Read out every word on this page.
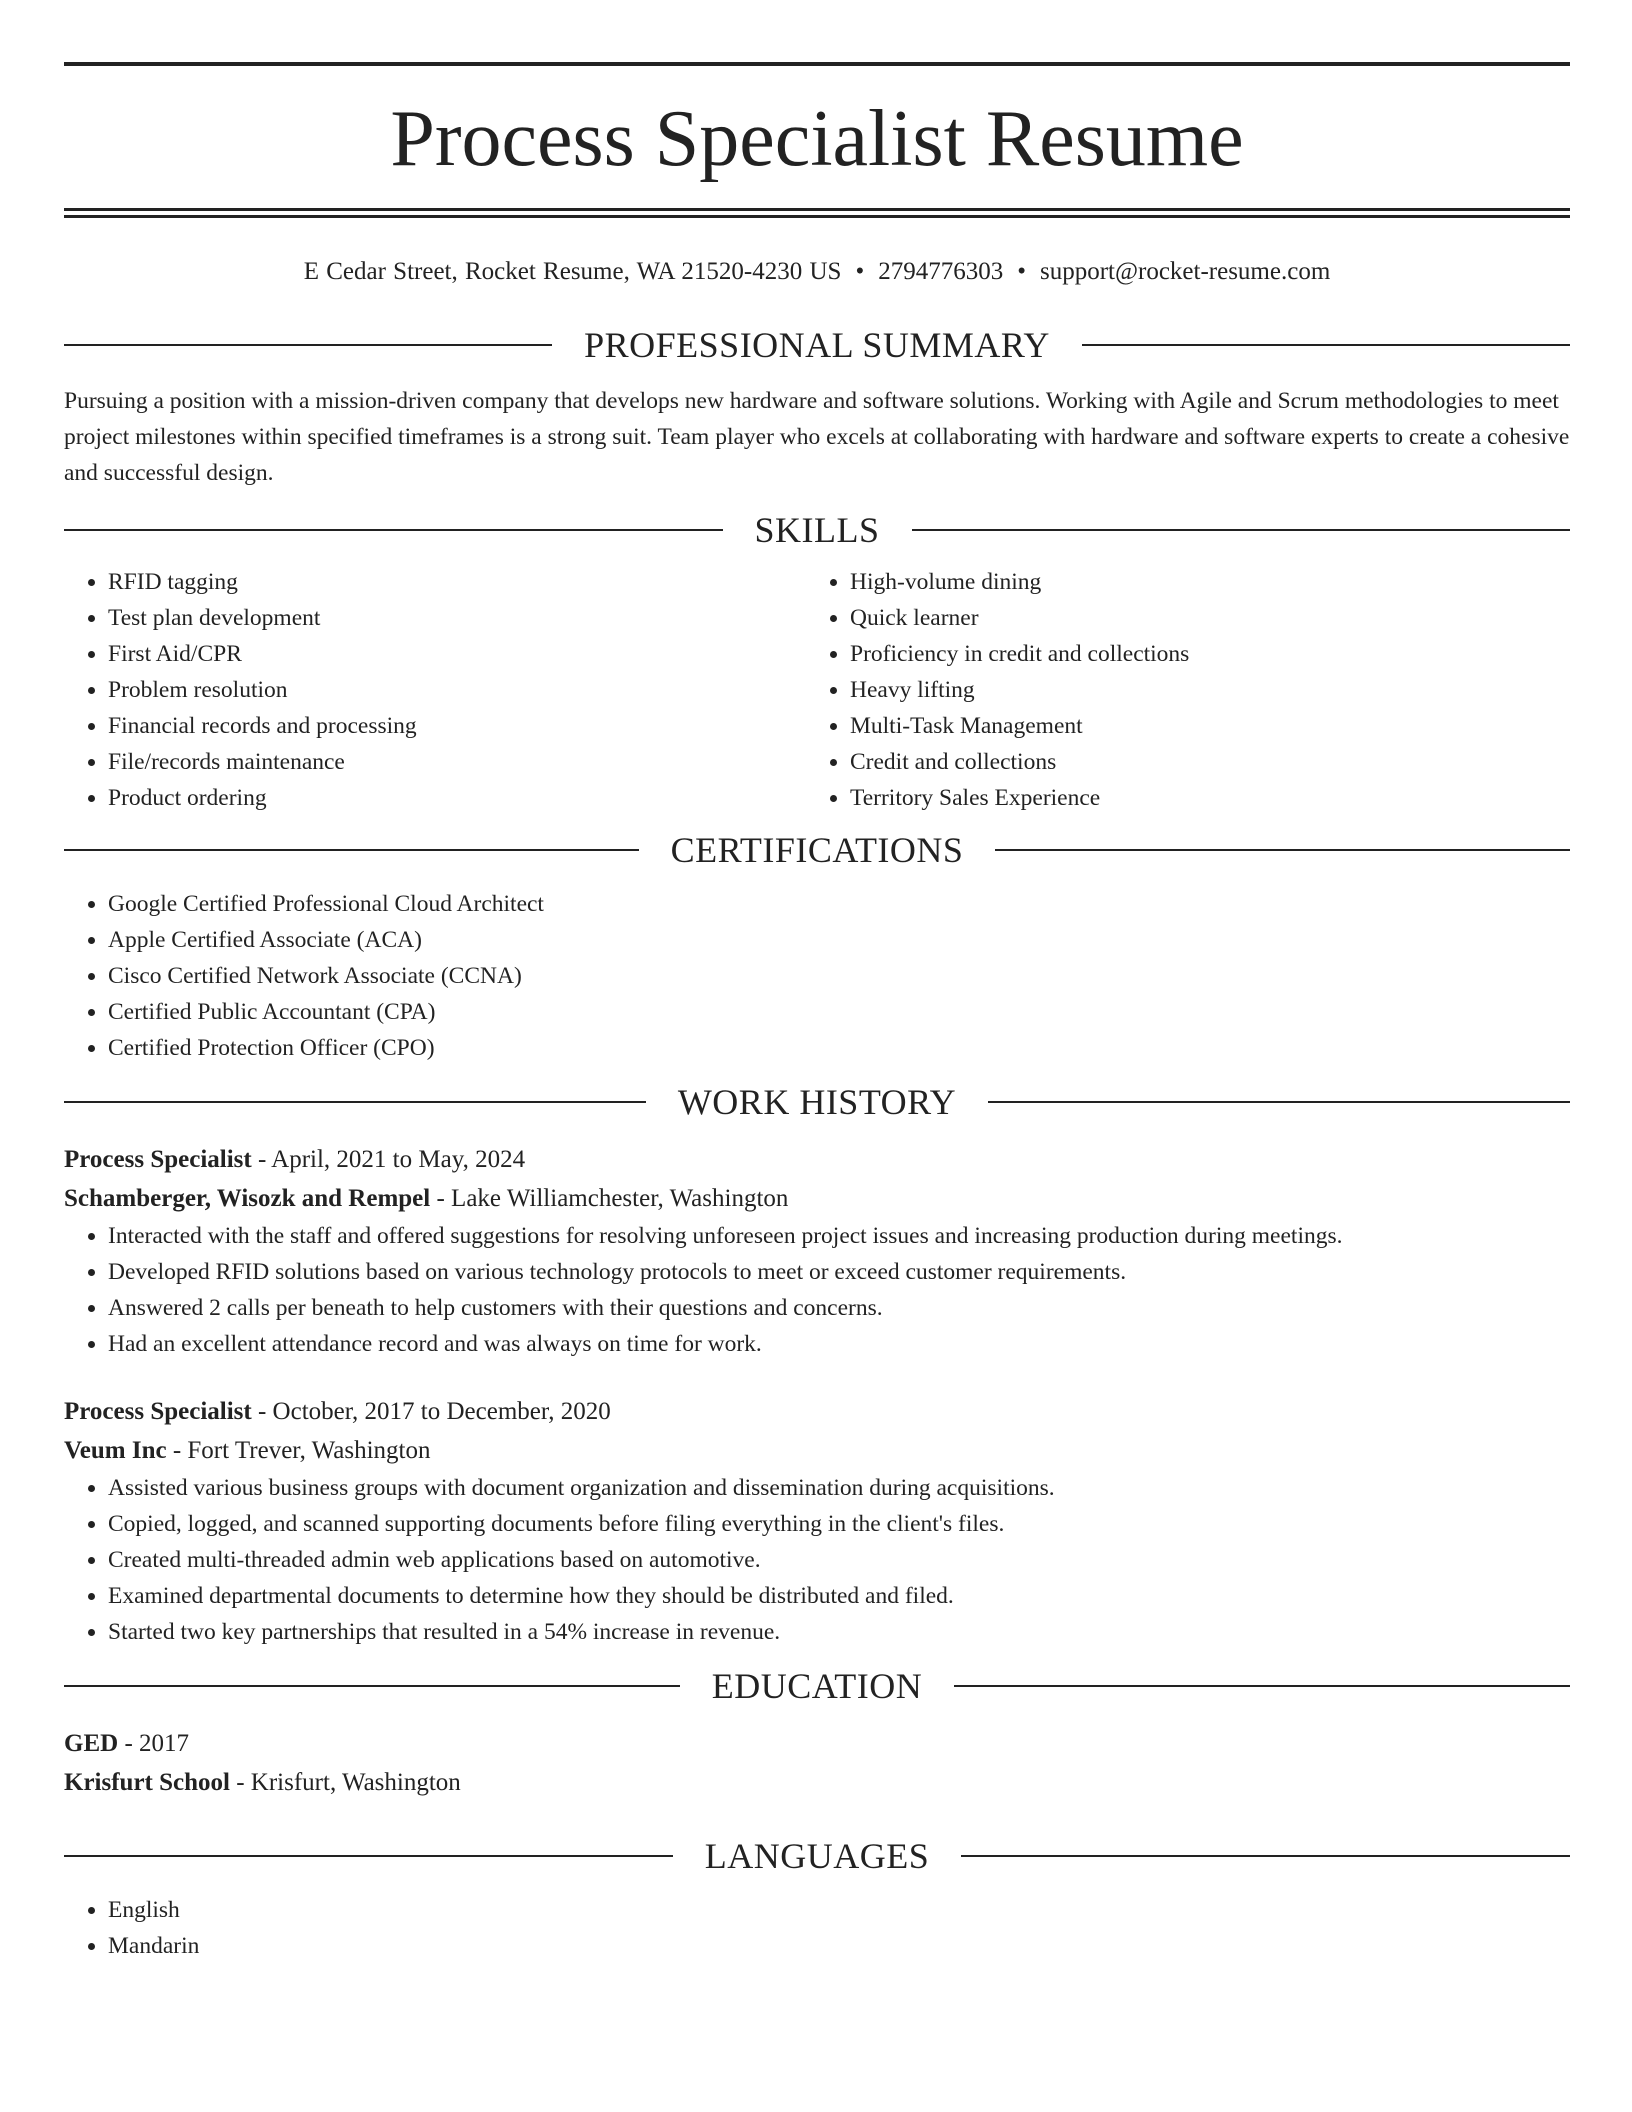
Process Specialist Resume
E Cedar Street, Rocket Resume, WA 21520-4230 US • 2794776303 • support@rocket-resume.com
PROFESSIONAL SUMMARY

Pursuing a position with a mission-driven company that develops new hardware and software solutions. Working with Agile and Scrum methodologies to meet project milestones within specified timeframes is a strong suit. Team player who excels at collaborating with hardware and software experts to create a cohesive and successful design.

SKILLS
• RFID tagging
• Test plan development
• First Aid/CPR
• Problem resolution
• Financial records and processing
• File/records maintenance
• Product ordering
• High-volume dining
• Quick learner
• Proficiency in credit and collections
• Heavy lifting
• Multi-Task Management
• Credit and collections
• Territory Sales Experience
CERTIFICATIONS
• Google Certified Professional Cloud Architect
• Apple Certified Associate (ACA)
• Cisco Certified Network Associate (CCNA)
• Certified Public Accountant (CPA)
• Certified Protection Officer (CPO)
WORK HISTORY
Process Specialist - April, 2021 to May, 2024
Schamberger, Wisozk and Rempel - Lake Williamchester, Washington
• Interacted with the staff and offered suggestions for resolving unforeseen project issues and increasing production during meetings.
• Developed RFID solutions based on various technology protocols to meet or exceed customer requirements.
• Answered 2 calls per beneath to help customers with their questions and concerns.
• Had an excellent attendance record and was always on time for work.
Process Specialist - October, 2017 to December, 2020
Veum Inc - Fort Trever, Washington
• Assisted various business groups with document organization and dissemination during acquisitions.
• Copied, logged, and scanned supporting documents before filing everything in the client's files.
• Created multi-threaded admin web applications based on automotive.
• Examined departmental documents to determine how they should be distributed and filed.
• Started two key partnerships that resulted in a 54% increase in revenue.
EDUCATION
GED - 2017
Krisfurt School - Krisfurt, Washington
LANGUAGES
• English
• Mandarin
